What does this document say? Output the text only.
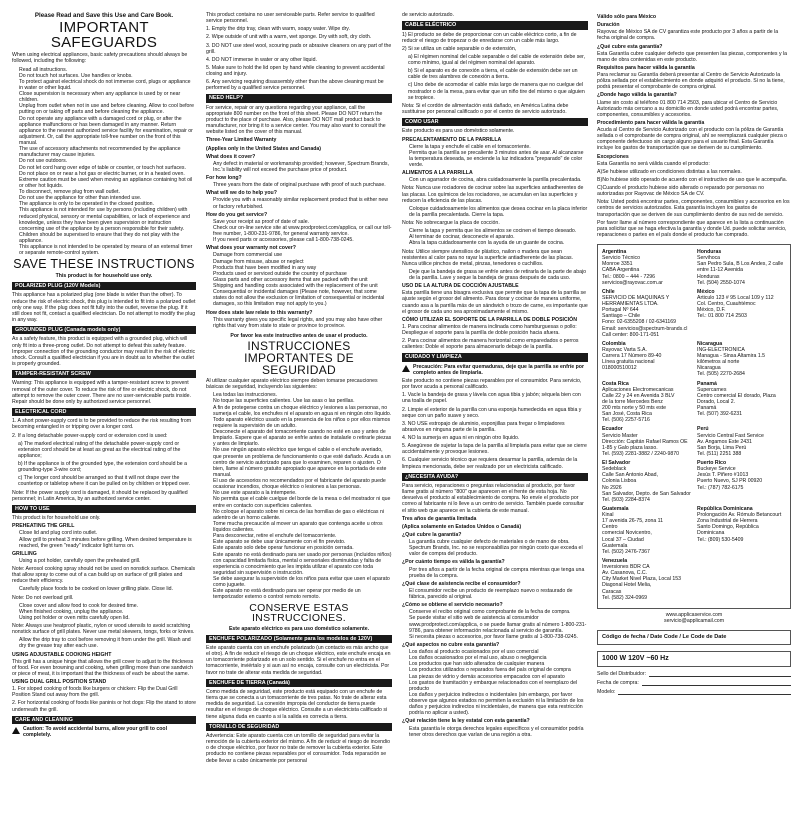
Please Read and Save this Use and Care Book.
IMPORTANT SAFEGUARDS

When using electrical appliances, basic safety precautions should always be followed, including the following:

• Read all instructions.
• Do not touch hot surfaces. Use handles or knobs.
• To protect against electrical shock do not immerse cord, plugs or appliance in water or other liquid.
• Close supervision is necessary when any appliance is used by or near children.
• Unplug from outlet when not in use and before cleaning. Allow to cool before putting on or taking off parts and before cleaning the appliance.
• Do not operate any appliance with a damaged cord or plug, or after the appliance malfunctions or has been damaged in any manner. Return appliance to the nearest authorized service facility for examination, repair or adjustment. Or, call the appropriate toll-free number on the front of this manual.
• The use of accessory attachments not recommended by the appliance manufacturer may cause injuries.
• Do not use outdoors.
• Do not let cord hang over edge of table or counter, or touch hot surfaces.
• Do not place on or near a hot gas or electric burner, or in a heated oven.
• Extreme caution must be used when moving an appliance containing hot oil or other hot liquids.
• To disconnect, remove plug from wall outlet.
• Do not use the appliance for other than intended use.
• The appliance is only to be operated in the closed position.
• This appliance is not intended for use by persons (including children) with reduced physical, sensory or mental capabilities, or lack of experience and knowledge, unless they have been given supervision or instruction concerning use of the appliance by a person responsible for their safety.
• Children should be supervised to ensure that they do not play with the appliance.
• This appliance is not intended to be operated by means of an external timer or separate remote-control system.
SAVE THESE INSTRUCTIONS
This product is for household use only.
POLARIZED PLUG (120V Models)

This appliance has a polarized plug (one blade is wider than the other). To reduce the risk of electric shock, this plug is intended to fit into a polarized outlet only one way. If the plug does not fit fully into the outlet, reverse the plug. If it still does not fit, contact a qualified electrician. Do not attempt to modify the plug in any way.

GROUNDED PLUG (Canada models only)

As a safety feature, this product is equipped with a grounded plug, which will only fit into a three-prong outlet. Do not attempt to defeat this safety feature. Improper connection of the grounding conductor may result in the risk of electric shock. Consult a qualified electrician if you are in doubt as to whether the outlet is properly grounded.

TAMPER-RESISTANT SCREW

Warning: This appliance is equipped with a tamper-resistant screw to prevent removal of the outer cover. To reduce the risk of fire or electric shock, do not attempt to remove the outer cover. There are no user-serviceable parts inside. Repair should be done only by authorized service personnel.

ELECTRICAL CORD

1. A short power-supply cord is to be provided to reduce the risk resulting from becoming entangled in or tripping over a longer cord.

2. If a long detachable power-supply cord or extension cord is used:

a) The marked electrical rating of the detachable power-supply cord or extension cord should be at least as great as the electrical rating of the appliance;

b) If the appliance is of the grounded type, the extension cord should be a grounding-type 3-wire cord;

c) The longer cord should be arranged so that it will not drape over the countertop or tabletop where it can be pulled on by children or tripped over.

Note: If the power supply cord is damaged, it should be replaced by qualified personnel; in Latin America, by an authorized service center.

HOW TO USE

This product is for household use only.

PREHEATING THE GRILL
• Close lid and plug cord into outlet.
• Allow grill to preheat 3 minutes before grilling. When desired temperature is reached, the green "ready" indicator light turns on.
GRILLING
• Using a pot holder, carefully open the preheated grill.

Note: Aerosol cooking spray should not be used on nonstick surface. Chemicals that allow spray to come out of a can build up on surface of grill plates and reduce their efficiency.

• Carefully place foods to be cooked on lower grilling plate. Close lid.

Note: Do not overload grill.

• Close cover and allow food to cook for desired time.
• When finished cooking, unplug the appliance.
• Using pot holder or oven mitts carefully open lid.

Note: Always use heatproof plastic, nylon or wood utensils to avoid scratching nonstick surface of grill plates. Never use metal skewers, tongs, forks or knives.

• Allow the drip tray to cool before removing it from under the grill. Wash and dry the grease tray after each use.
USING ADJUSTABLE COOKING HEIGHT

This grill has a unique hinge that allows the grill cover to adjust to the thickness of food. For even browning and cooking, when grilling more than one sandwich or piece of meat, it is important that the thickness of each be about the same.

USING DUAL GRILL POSITION STAND

1. For sloped cooking of foods like burgers or chicken: Flip the Dual Grill Position Stand out away from the grill.

2. For horizontal cooking of foods like paninis or hot dogs: Flip the stand to store underneath the grill.

CARE AND CLEANING
Caution: To avoid accidental burns, allow your grill to cool completely.

This product contains no user serviceable parts. Refer service to qualified service personnel.

1. Empty the drip tray, clean with warm, soapy water. Wipe dry.

2. Wipe outside of unit with a warm, wet sponge. Dry with soft, dry cloth.

3. DO NOT use steel wool, scouring pads or abrasive cleaners on any part of the grill.

4. DO NOT immerse in water or any other liquid.

5. Make sure to hold the lid open by hand while cleaning to prevent accidental closing and injury.

6. Any servicing requiring disassembly other than the above cleaning must be performed by a qualified service personnel.

NEED HELP?

For service, repair or any questions regarding your appliance, call the appropriate 800 number on the front of this sheet. Please DO NOT return the product to the place of purchase. Also, please DO NOT mail product back to manufacturer, nor bring it to a service center. You may also want to consult the website listed on the cover of this manual.

Three-Year Limited Warranty
(Applies only in the United States and Canada)
What does it cover?
• Any defect in material or workmanship provided; however, Spectrum Brands, Inc.'s liability will not exceed the purchase price of product.
For how long?
• Three years from the date of original purchase with proof of such purchase.
What will we do to help you?
• Provide you with a reasonably similar replacement product that is either new or factory refurbished.
How do you get service?
• Save your receipt as proof of date of sale.
• Check our on-line service site at www.prodprotect.com/applica, or call our toll-free number, 1-800-231-9786, for general warranty service.
• If you need parts or accessories, please call 1-800-738-0245.
What does your warranty not cover?
• Damage from commercial use
• Damage from misuse, abuse or neglect
• Products that have been modified in any way
• Products used or serviced outside the country of purchase
• Glass parts and other accessory items that are packed with the unit
• Shipping and handling costs associated with the replacement of the unit
• Consequential or incidental damages (Please note, however, that some states do not allow the exclusion or limitation of consequential or incidental damages, so this limitation may not apply to you.)
How does state law relate to this warranty?
• This warranty gives you specific legal rights, and you may also have other rights that vary from state to state or province to province.
Por favor lea este instructivo antes de usar el producto.
INSTRUCCIONES IMPORTANTES DE SEGURIDAD

Al utilizar cualquier aparato eléctrico siempre deben tomarse precauciones básicas de seguridad, incluyendo las siguientes:

• Lea todas las instrucciones.
• No toque las superficies calientes. Use las asas o las perillas.
• A fin de protegerse contra un choque eléctrico y lesiones a las personas, no sumerja el cable, los enchufes ni el aparato en agua ni en ningún otro líquido.
• Todo aparato eléctrico usado en la presencia de los niños o por ellos mismos requiere la supervisión de un adulto.
• Desconecte el aparato del tomacorriente cuando no esté en uso y antes de limpiarlo. Espere que el aparato se enfríe antes de instalarle o retirarle piezas y antes de limpiarlo.
• No use ningún aparato eléctrico que tenga el cable o el enchufe averiado, que presente un problema de funcionamiento o que esté dañado. Acuda a un centro de servicio autorizado para que lo examinen, reparen o ajusten. O bien, llame al número gratuito apropiado que aparece en la portada de este manual.
• El uso de accesorios no recomendados por el fabricante del aparato puede ocasionar incendios, choque eléctrico o lesiones a las personas.
• No use este aparato a la intemperie.
• No permita que el cable cuelgue del borde de la mesa o del mostrador ni que entre en contacto con superficies calientes.
• No coloque el aparato sobre ni cerca de las hornillas de gas o eléctricas ni adentro de un horno caliente.
• Tome mucha precaución al mover un aparato que contenga aceite u otros líquidos calientes.
• Para desconectar, retire el enchufe del tomacorriente.
• Este aparato se debe usar únicamente con el fin previsto.
• Este aparato solo debe operar funcionar en posición cerrada.
• Este aparato no está destinado para ser usado por personas (incluidos niños) con capacidad limitada física, mental o sensoriales disminuidas y falta de experiencia o conocimiento que les impida utilizar el aparato con toda seguridad sin supervisión o instrucción.
• Se debe asegurar la supervisión de los niños para evitar que usen el aparato como juguete.
• Este aparato no está destinado para ser operar por medio de un temporizador externo o control remoto remoto.
CONSERVE ESTAS INSTRUCCIONES.
Este aparato eléctrico es para uso doméstico solamente.
ENCHUFE POLARIZADO (Solamente para los modelos de 120V)

Este aparato cuenta con un enchufe polarizado (un contacto es más ancho que el otro). A fin de reducir el riesgo de un choque eléctrico, este enchufe encaja en un tomacorriente polarizado en un solo sentido. Si el enchufe no entra en el tomacorriente, inviértalo y si aun así no encaja, consulte con un electricista. Por favor no trate de alterar esta medida de seguridad.

ENCHUFE DE TIERRA (Canadá)

Como medida de seguridad, este producto está equipado con un enchufe de tierra que se conecta a un tomacorriente de tres patas. No trate de alterar esta medida de seguridad. La conexión impropia del conductor de tierra puede resultar en el riesgo de choque eléctrico. Consulte a un electricista calificado si tiene alguna duda en cuanto a si la salida es correcta a tierra.

TORNILLO DE SEGURIDAD

Advertencia: Este aparato cuenta con un tornillo de seguridad para evitar la remoción de la cubierta exterior del mismo. A fin de reducir el riesgo de incendio o de choque eléctrico, por favor no trate de remover la cubierta exterior. Este producto no contiene piezas reparables por el consumidor. Toda reparación se debe llevar a cabo únicamente por personal

de servicio autorizado.

CABLE ELÉCTRICO

1) El producto se debe de proporcionar con un cable eléctrico corto, a fin de reducir el riesgo de tropezar o de enredarse con un cable más largo.

2) Si se utiliza un cable separable o de extensión,

a) El régimen nominal del cable separable o del cable de extensión debe ser, como mínimo, igual al del régimen nominal del aparato.

b) Si el aparato es de conexión a tierra, el cable de extensión debe ser un cable de tres alambres de conexión a tierra.

c) Uno debe de acomodar el cable más largo de manera que no cuelgue del mostrador o de la mesa, para evitar que un niño tire del mismo o que alguien se tropiece.

Nota: Si el cordón de alimentación está dañado, en América Latina debe sustituirse por personal calificado o por el centro de servicio autorizado.

COMO USAR

Este producto es para uso doméstico solamente.

PRECALENTAMIENTO DE LA PARRILLA
• Cierre la tapa y enchufe el cable en el tomacorriente.
• Permita que la parrilla se precaliente 3 minutos antes de asar. Al alcanzarse la temperatura deseada, se enciende la luz indicadora "preparado" de color verde.
ALIMENTOS A LA PARRILLA
• Con un agarrador de cocina, abra cuidadosamente la parrilla precalentada.

Nota: Nunca use rociadores de cocinar sobre las superficies antiadherentes de las placas. Los químicos de los rociadores, se acumulan en las superficies y reducen la eficiencia de las placas.

• Coloque cuidadosamente los alimentos que desea cocinar en la placa inferior de la parrilla precalentada. Cierre la tapa.

Nota: No sobrecargue la placa de cocción.

• Cierre la tapa y permita que los alimentos se cocinen el tiempo deseado.
• Al terminar de cocinar, desconecte el aparato.
• Abra la tapa cuidadosamente con la ayuda de un guante de cocina.

Nota: Utilice siempre utensilios de plástico, nailon o madera que sean resistentes al calor para no rayar la superficie antiadherente de las placas. Nunca utilice pinchos de metal, pinzas, tenedores o cuchillos.

• Deje que la bandeja de grasa se enfríe antes de retirarla de la parte de abajo de la parrilla. Lave y seque la bandeja de grasa después de cada uso.
USO DE LA ALTURA DE COCCIÓN AJUSTABLE

Esta parrilla tiene una bisagra exclusiva que permite que la tapa de la parrilla se ajuste según el grosor del alimento. Para dorar y cocinar de manera uniforme, cuando asa a la parrilla más de un sándwich o trozo de carne, es importante que el grosor de cada uno sea aproximadamente el mismo.

CÓMO UTILIZAR EL SOPORTE DE LA PARRILLA DE DOBLE POSICIÓN

1. Para cocinar alimentos de manera inclinada como hamburguesas o pollo: Despliegue el soporte para la parrilla de doble posición hacia afuera.

2. Para cocinar alimentos de manera horizontal como emparedados o perros calientes: Doble el soporte para almacenarlo debajo de la parrilla.

CUIDADO Y LIMPIEZA
Precaución: Para evitar quemaduras, deje que la parrilla se enfríe por completo antes de limpiarla.

Este producto no contiene piezas reparables por el consumidor. Para servicio, por favor acuda a personal calificado.

1. Vacíe la bandeja de grasa y lávela con agua tibia y jabón; séquela bien con una toalla de papel.

2. Limpie el exterior de la parrilla con una esponja humedecida en agua tibia y seque con un paño suave y seco.

3. NO USE estropajo de aluminio, esponjillas para fregar o limpiadores abrasivos en ninguna parte de la parrilla.

4. NO la sumerja en agua ni en ningún otro líquido.

5. Asegúrese de sujetar la tapa de la parrilla al limpiarla para evitar que se cierre accidentalmente y provoque lesiones.

6. Cualquier servicio técnico que requiera desarmar la parrilla, además de la limpieza mencionada, debe ser realizado por un electricista calificado.

¿NECESITA AYUDA?

Para servicio, reparaciones o preguntas relacionadas al producto, por favor llame gratis al número "800" que aparecen en el frente de esta hoja. No devuelva el producto al establecimiento de compra. No envíe el producto por correo al fabricante ni lo lleve a un centro de servicio. También puede consultar el sitio web que aparece en la cubierta de este manual.

Tres años de garantía limitada
(Aplica solamente en Estados Unidos o Canadá)
¿Qué cubre la garantía?
• La garantía cubre cualquier defecto de materiales o de mano de obra. Spectrum Brands, Inc. no se responsabiliza por ningún costo que exceda el valor de compra del producto.
¿Por cuánto tiempo es válida la garantía?
• Por tres años a partir de la fecha original de compra mientras que tenga una prueba de la compra.
¿Qué clase de asistencia recibe el consumidor?
• El consumidor recibe un producto de reemplazo nuevo o restaurado de fábrica, parecido al original.
¿Cómo se obtiene el servicio necesario?
• Conserve el recibo original como comprobante de la fecha de compra.
• Se puede visitar el sitio web de asistencia al consumidor www.prodprotect.com/applica, o se puede llamar gratis al número 1-800-231-9786, para obtener información relacionada al servicio de garantía.
• Si necesita piezas o accesorios, por favor llame gratis al 1-800-738-0245.
¿Qué aspectos no cubre esta garantía?
• Los daños al producto ocasionados por el uso comercial
• Los daños ocasionados por el mal uso, abuso o negligencia
• Los productos que han sido alterados de cualquier manera
• Los productos utilizados o reparados fuera del país original de compra
• Las piezas de vidrio y demás accesorios empacados con el aparato
• Los gastos de tramitación y embarque relacionados con el reemplazo del producto
• Los daños y perjuicios indirectos o incidentales (sin embargo, por favor observe que algunos estados no permiten la exclusión ni la limitación de los daños y perjuicios indirectos ni incidentales, de manera que esta restricción podría no aplicar a usted).
¿Qué relación tiene la ley estatal con esta garantía?
• Esta garantía le otorga derechos legales específicos y el consumidor podría tener otros derechos que varían de una región a otra.
Válido sólo para México
Duración

Rayovac de México SA de CV garantiza este producto por 3 años a partir de la fecha original de compra.

¿Qué cubre esta garantía?

Esta Garantía cubre cualquier defecto que presenten las piezas, componentes y la mano de obra contenidas en este producto.

Requisitos para hacer válida la garantía

Para reclamar su Garantía deberá presentar al Centro de Servicio Autorizado la póliza sellada por el establecimiento en donde adquirió el producto. Si no la tiene, podrá presentar el comprobante de compra original.

¿Donde hago válida la garantía?

Llame sin costo al teléfono 01 800 714 2503, para ubicar el Centro de Servicio Autorizado más cercano a su domicilio en donde usted podrá encontrar partes, componentes, consumibles y accesorios.

Procedimiento para hacer válida la garantía

Acuda al Centro de Servicio Autorizado con el producto con la póliza de Garantía sellada o el comprobante de compra original, ahí se reemplazará cualquier pieza o componente defectuoso sin cargo alguno para el usuario final. Esta Garantía incluye los gastos de transportación que se deriven de su cumplimiento.

Excepciones

Esta Garantía no será válida cuando el producto:

A)Se hubiese utilizado en condiciones distintas a las normales.

B)No hubiese sido operado de acuerdo con el instructivo de uso que le acompaña.

C)Cuando el producto hubiese sido alterado o reparado por personas no autorizadas por Rayovac de México SA de CV.

Nota: Usted podrá encontrar partes, componentes, consumibles y accesorios en los centros de servicios autorizados. Esta garantía incluyen los gastos de transportación que se deriven de sus cumplimiento dentro de sus red de servicio.

Por favor llame al número correspondiente que aparece en la lista a continuación para solicitar que se haga efectiva la garantía y donde Ud. puede solicitar servicio, reparaciones o partes en el país donde el producto fue comprado.

Argentina
Servicio Técnico
Monroe 3351
CABA Argentina
Tel.: 0800 – 444 - 7296
servicios@rayovac.com.ar
Honduras
Servihoca
San Pedro Sula, B Los Andes, 2 calle entre 11-12 Avenida
Honduras
Tel. (504) 2550-1074
Chile
SERVICIO DE MAQUINAS Y HERRAMIENTAS LTDA.
Portugal Nº 644
Santiago – Chile
Fono: 02-6355208 / 02-6341169
Email: servicios@spectrum-brands.cl
Call center: 800-171-051
México
Articulo 123 # 95 Local 109 y 112
Col. Centro, Cuauhtémoc
México, D.F.
Tel.: 01 800 714 2503
Colombia
Rayovac Varta S.A.
Carrera 17 Número 89-40
Línea gratuita nacional
018000510012
Nicaragua
ING-ELECTRONICA
Managua - Sinsa Altamira 1.5
kilómetros al norte
Nicaragua
Tel. (505) 2270-2684
Costa Rica
Aplicaciones Electromecanicas
Calle 22 y 24 en Avenida 3 BLV
de la torre Mercedes Benz
200 mts norte y 50 mts este
San José, Costa Rica
Tel. (506) 2257-5716
Panamá
Supercarnes
Centro comercial El dorado, Plaza Dorado, Local 2.
Panamá
Tel. (507) 392-6231
Ecuador
Servicio Master
Dirección: Capitán Rafael Ramos OE 1-85 y Galo plaza lasso.
Tel. (593) 2281-3882 / 2240-9870
Perú
Servicio Central Fast Service
Av. Angamos Este 2431
San Borja, Lima Perú
Tel. (511) 2251 388
El Salvador
Sedeblack
Calle San Antonio Abad,
Colonia Lisboa
No 2926
San Salvador, Depto. de San Salvador
Tel. (503) 2284-8374
Puerto Rico
Buckeye Service
Jesús T. Piñero #1013
Puerto Nuevo, SJ PR 00920
Tel.: (787) 782-6175
Guatemala
Kinal
17 avenida 26-75, zona 11
Centro
comercial Novicentro,
Local 37 – Ciudad
Guatemala
Tel. (502) 2476-7367
República Dominicana
Prolongación Av. Rómulo Betancourt
Zona Industrial de Herrera
Santo Domingo, República
Dominicana
Tel.: (809) 530-5409
Venezuela
Inversiones BDR CA
Av. Casanova, C.C.
City Market Nivel Plaza, Local 153
Diagonal Hotel Melia,
Caracas
Tel. (582) 324-0969
www.applicaservice.com
servicio@applicamail.com
Código de fecha / Date Code / Le Code de Date
1000 W 120V ~60 Hz
Sello del Distribuidor:
Fecha de compra:
Modelo:
